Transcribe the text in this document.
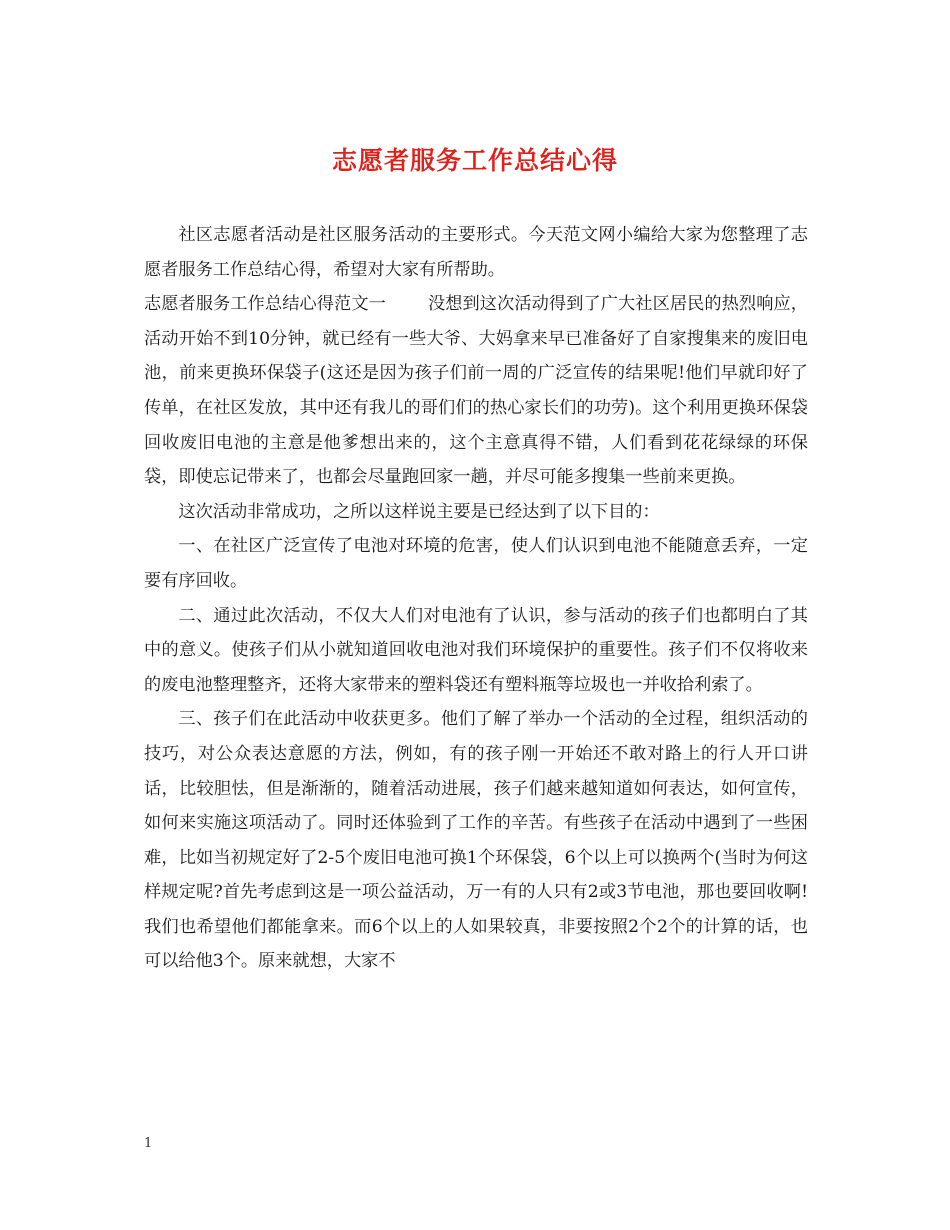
志愿者服务工作总结心得

社区志愿者活动是社区服务活动的主要形式。今天范文网小编给大家为您整理了志愿者服务工作总结心得，希望对大家有所帮助。

志愿者服务工作总结心得范文一 没想到这次活动得到了广大社区居民的热烈响应，活动开始不到10分钟，就已经有一些大爷、大妈拿来早已准备好了自家搜集来的废旧电池，前来更换环保袋子(这还是因为孩子们前一周的广泛宣传的结果呢!他们早就印好了传单，在社区发放，其中还有我儿的哥们们的热心家长们的功劳)。这个利用更换环保袋回收废旧电池的主意是他爹想出来的，这个主意真得不错，人们看到花花绿绿的环保袋，即使忘记带来了，也都会尽量跑回家一趟，并尽可能多搜集一些前来更换。

这次活动非常成功，之所以这样说主要是已经达到了以下目的：

一、在社区广泛宣传了电池对环境的危害，使人们认识到电池不能随意丢弃，一定要有序回收。

二、通过此次活动，不仅大人们对电池有了认识，参与活动的孩子们也都明白了其中的意义。使孩子们从小就知道回收电池对我们环境保护的重要性。孩子们不仅将收来的废电池整理整齐，还将大家带来的塑料袋还有塑料瓶等垃圾也一并收拾利索了。

三、孩子们在此活动中收获更多。他们了解了举办一个活动的全过程，组织活动的技巧，对公众表达意愿的方法，例如，有的孩子刚一开始还不敢对路上的行人开口讲话，比较胆怯，但是渐渐的，随着活动进展，孩子们越来越知道如何表达，如何宣传，如何来实施这项活动了。同时还体验到了工作的辛苦。有些孩子在活动中遇到了一些困难，比如当初规定好了2-5个废旧电池可换1个环保袋，6个以上可以换两个(当时为何这样规定呢?首先考虑到这是一项公益活动，万一有的人只有2或3节电池，那也要回收啊!我们也希望他们都能拿来。而6个以上的人如果较真，非要按照2个2个的计算的话，也可以给他3个。原来就想，大家不

1
